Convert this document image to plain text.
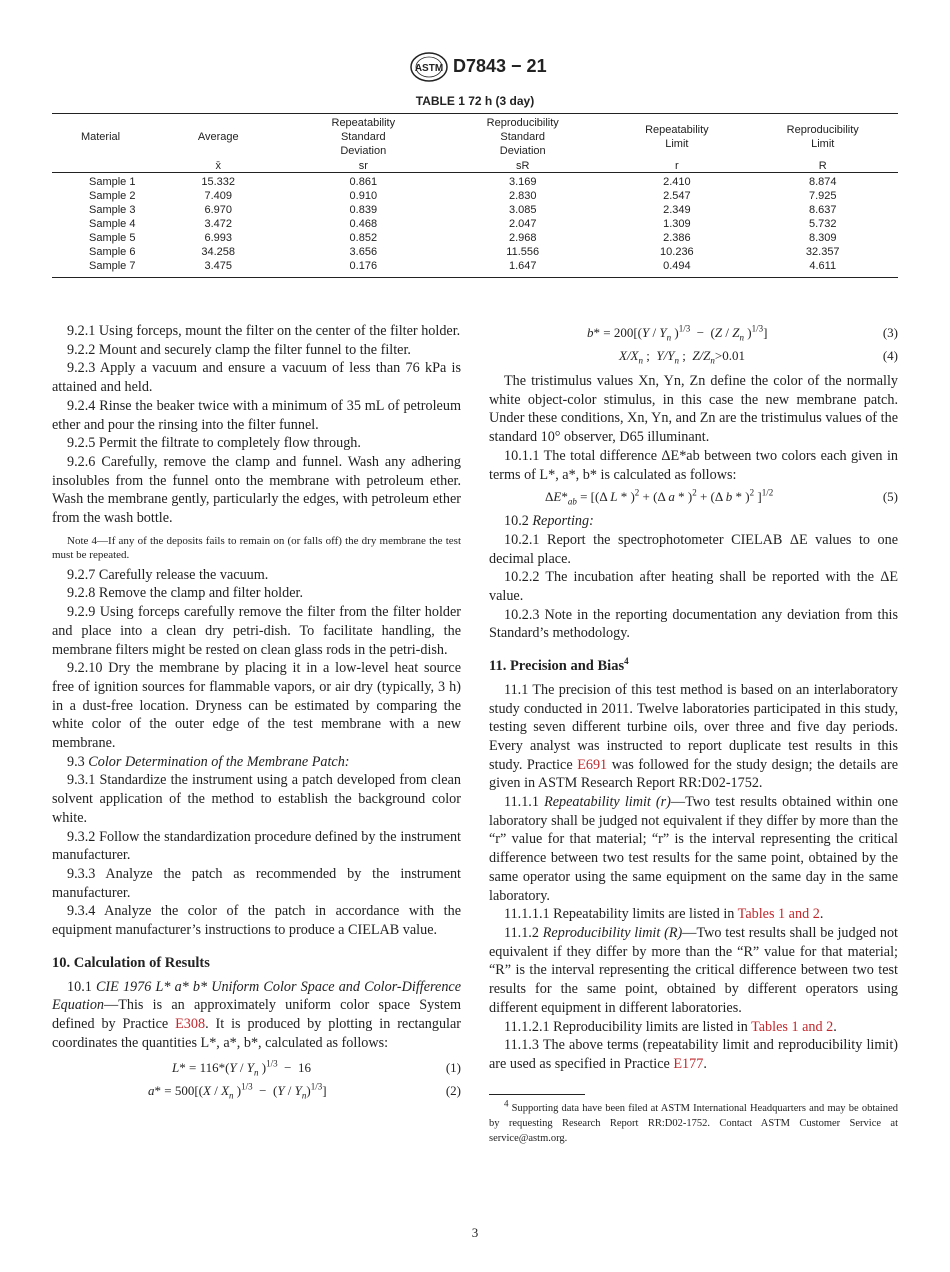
ASTM D7843 − 21
TABLE 1 72 h (3 day)
Material	Average	Repeatability Standard Deviation	Reproducibility Standard Deviation	Repeatability Limit	Reproducibility Limit
	x̄	sr	sR	r	R
Sample 1	15.332	0.861	3.169	2.410	8.874
Sample 2	7.409	0.910	2.830	2.547	7.925
Sample 3	6.970	0.839	3.085	2.349	8.637
Sample 4	3.472	0.468	2.047	1.309	5.732
Sample 5	6.993	0.852	2.968	2.386	8.309
Sample 6	34.258	3.656	11.556	10.236	32.357
Sample 7	3.475	0.176	1.647	0.494	4.611

9.2.1 Using forceps, mount the filter on the center of the filter holder.

9.2.2 Mount and securely clamp the filter funnel to the filter.

9.2.3 Apply a vacuum and ensure a vacuum of less than 76 kPa is attained and held.

9.2.4 Rinse the beaker twice with a minimum of 35 mL of petroleum ether and pour the rinsing into the filter funnel.

9.2.5 Permit the filtrate to completely flow through.

9.2.6 Carefully, remove the clamp and funnel. Wash any adhering insolubles from the funnel onto the membrane with petroleum ether. Wash the membrane gently, particularly the edges, with petroleum ether from the wash bottle.

Note 4—If any of the deposits fails to remain on (or falls off) the dry membrane the test must be repeated.

9.2.7 Carefully release the vacuum.

9.2.8 Remove the clamp and filter holder.

9.2.9 Using forceps carefully remove the filter from the filter holder and place into a clean dry petri-dish. To facilitate handling, the membrane filters might be rested on clean glass rods in the petri-dish.

9.2.10 Dry the membrane by placing it in a low-level heat source free of ignition sources for flammable vapors, or air dry (typically, 3 h) in a dust-free location. Dryness can be estimated by comparing the white color of the outer edge of the test membrane with a new membrane.

9.3 Color Determination of the Membrane Patch:

9.3.1 Standardize the instrument using a patch developed from clean solvent application of the method to establish the background color white.

9.3.2 Follow the standardization procedure defined by the instrument manufacturer.

9.3.3 Analyze the patch as recommended by the instrument manufacturer.

9.3.4 Analyze the color of the patch in accordance with the equipment manufacturer’s instructions to produce a CIELAB value.

10. Calculation of Results

10.1 CIE 1976 L* a* b* Uniform Color Space and Color-Difference Equation—This is an approximately uniform color space System defined by Practice E308. It is produced by plotting in rectangular coordinates the quantities L*, a*, b*, calculated as follows:

$L* = 116*(Y / Y_n$ )$^{1/3}$  −  16	(1)
$a* = 500[(X / X_n$ )$^{1/3} - (Y / Y_n)^{1/3}$]	(2)
$b* = 200[(Y / Y_n$ )$^{1/3} - (Z / Z_n$ )$^{1/3}$]	(3)
$X/X_n$ ;  $Y/Y_n$ ;  $Z/Z_n>0.01$	(4)

The tristimulus values Xn, Yn, Zn define the color of the normally white object-color stimulus, in this case the new membrane patch. Under these conditions, Xn, Yn, and Zn are the tristimulus values of the standard 10° observer, D65 illuminant.

10.1.1 The total difference ΔE*ab between two colors each given in terms of L*, a*, b* is calculated as follows:

$\Delta E*_{ab} = [(\Delta$ L * )$^2$ + (Δ a * )$^2$ + (Δ b * )$^2$ ]$^{1/2}$	(5)

10.2 Reporting:

10.2.1 Report the spectrophotometer CIELAB ΔE values to one decimal place.

10.2.2 The incubation after heating shall be reported with the ΔE value.

10.2.3 Note in the reporting documentation any deviation from this Standard’s methodology.

11. Precision and Bias$^4$

11.1 The precision of this test method is based on an interlaboratory study conducted in 2011. Twelve laboratories participated in this study, testing seven different turbine oils, over three and five day periods. Every analyst was instructed to report duplicate test results in this study. Practice E691 was followed for the study design; the details are given in ASTM Research Report RR:D02-1752.

11.1.1 Repeatability limit (r)—Two test results obtained within one laboratory shall be judged not equivalent if they differ by more than the “r” value for that material; “r” is the interval representing the critical difference between two test results for the same point, obtained by the same operator using the same equipment on the same day in the same laboratory.

11.1.1.1 Repeatability limits are listed in Tables 1 and 2.

11.1.2 Reproducibility limit (R)—Two test results shall be judged not equivalent if they differ by more than the “R” value for that material; “R” is the interval representing the critical difference between two test results for the same point, obtained by different operators using different equipment in different laboratories.

11.1.2.1 Reproducibility limits are listed in Tables 1 and 2.

11.1.3 The above terms (repeatability limit and reproducibility limit) are used as specified in Practice E177.

$^4$ Supporting data have been filed at ASTM International Headquarters and may be obtained by requesting Research Report RR:D02-1752. Contact ASTM Customer Service at service@astm.org.

3
